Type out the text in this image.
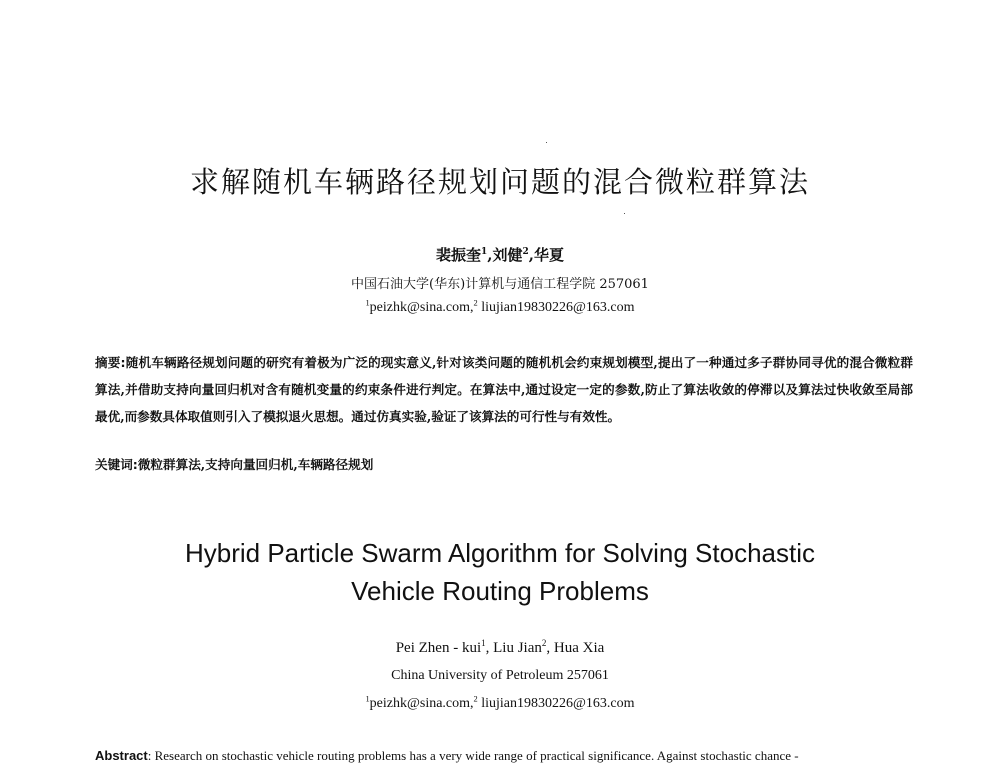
求解随机车辆路径规划问题的混合微粒群算法
裴振奎$^1$,刘健$^2$,华夏
中国石油大学(华东)计算机与通信工程学院 257061
$^1$peizhk@sina.com,$^2$ liujian19830226@163.com
摘要:随机车辆路径规划问题的研究有着极为广泛的现实意义,针对该类问题的随机机会约束规划模型,提出了一种通过多子群协同寻优的混合微粒群算法,并借助支持向量回归机对含有随机变量的约束条件进行判定。在算法中,通过设定一定的参数,防止了算法收敛的停滞以及算法过快收敛至局部最优,而参数具体取值则引入了模拟退火思想。通过仿真实验,验证了该算法的可行性与有效性。
关键词:微粒群算法,支持向量回归机,车辆路径规划
Hybrid Particle Swarm Algorithm for Solving Stochastic
Vehicle Routing Problems
Pei Zhen - kui$^1$, Liu Jian$^2$, Hua Xia
China University of Petroleum 257061
$^1$peizhk@sina.com,$^2$ liujian19830226@163.com
Abstract: Research on stochastic vehicle routing problems has a very wide range of practical significance. Against stochastic chance -
